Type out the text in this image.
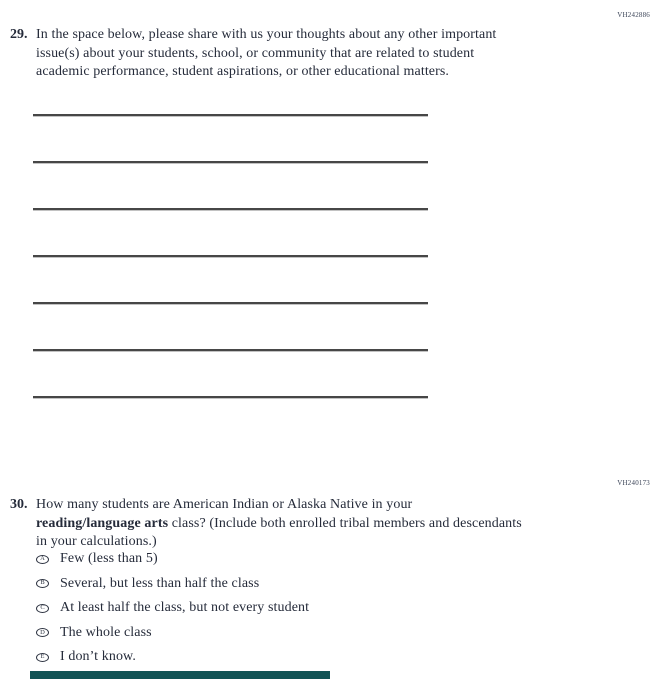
VH242886
29. In the space below, please share with us your thoughts about any other important
issue(s) about your students, school, or community that are related to student
academic performance, student aspirations, or other educational matters.
VH240173
30. How many students are American Indian or Alaska Native in your
reading/language arts class? (Include both enrolled tribal members and descendants
in your calculations.)
A Few (less than 5)
B Several, but less than half the class
C At least half the class, but not every student
D The whole class
E I don’t know.
